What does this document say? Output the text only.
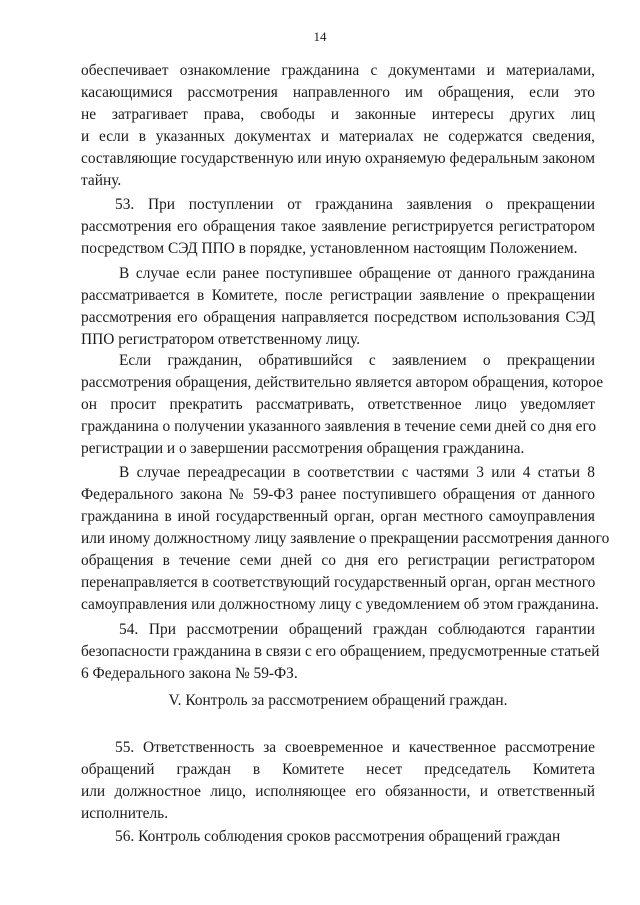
14
обеспечивает ознакомление гражданина с документами и материалами,
касающимися рассмотрения направленного им обращения, если это
не затрагивает права, свободы и законные интересы других лиц
и если в указанных документах и материалах не содержатся сведения,
составляющие государственную или иную охраняемую федеральным законом
тайну.
53. При поступлении от гражданина заявления о прекращении
рассмотрения его обращения такое заявление регистрируется регистратором
посредством СЭД ППО в порядке, установленном настоящим Положением.
В случае если ранее поступившее обращение от данного гражданина
рассматривается в Комитете, после регистрации заявление о прекращении
рассмотрения его обращения направляется посредством использования СЭД
ППО регистратором ответственному лицу.
Если гражданин, обратившийся с заявлением о прекращении
рассмотрения обращения, действительно является автором обращения, которое
он просит прекратить рассматривать, ответственное лицо уведомляет
гражданина о получении указанного заявления в течение семи дней со дня его
регистрации и о завершении рассмотрения обращения гражданина.
В случае переадресации в соответствии с частями 3 или 4 статьи 8
Федерального закона № 59-ФЗ ранее поступившего обращения от данного
гражданина в иной государственный орган, орган местного самоуправления
или иному должностному лицу заявление о прекращении рассмотрения данного
обращения в течение семи дней со дня его регистрации регистратором
перенаправляется в соответствующий государственный орган, орган местного
самоуправления или должностному лицу с уведомлением об этом гражданина.
54. При рассмотрении обращений граждан соблюдаются гарантии
безопасности гражданина в связи с его обращением, предусмотренные статьей
6 Федерального закона № 59-ФЗ.
V. Контроль за рассмотрением обращений граждан.
55. Ответственность за своевременное и качественное рассмотрение
обращений граждан в Комитете несет председатель Комитета
или должностное лицо, исполняющее его обязанности, и ответственный
исполнитель.
56. Контроль соблюдения сроков рассмотрения обращений граждан
